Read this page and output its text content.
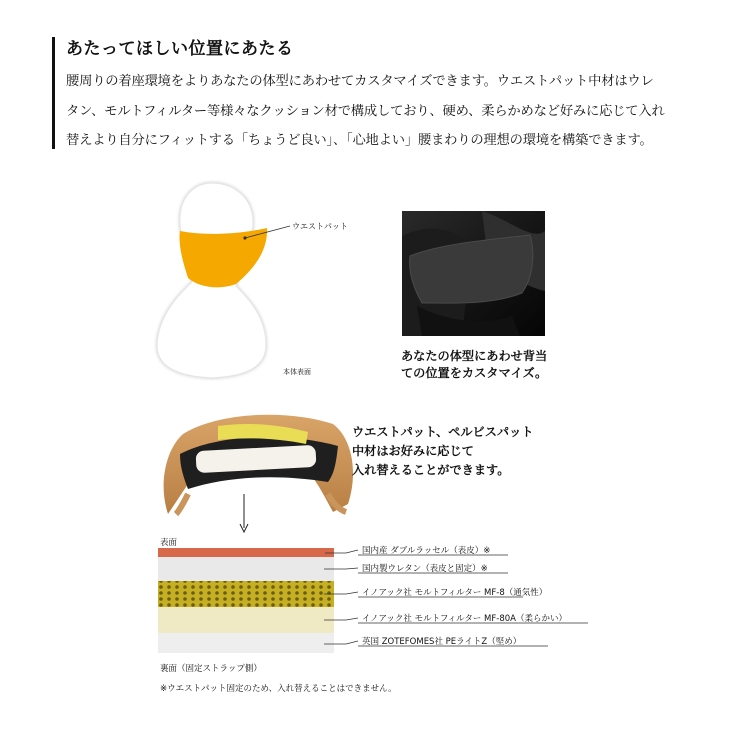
あたってほしい位置にあたる
腰周りの着座環境をよりあなたの体型にあわせてカスタマイズできます。ウエストパット中材はウレ
タン、モルトフィルター等様々なクッション材で構成しており、硬め、柔らかめなど好みに応じて入れ
替えより自分にフィットする「ちょうど良い」、「心地よい」腰まわりの理想の環境を構築できます。
ウエストパット
本体表面
あなたの体型にあわせ背当
ての位置をカスタマイズ。
ウエストパット、ペルビスパット
中材はお好みに応じて
入れ替えることができます。
表面
国内産 ダブルラッセル（表皮）※
国内製ウレタン（表皮と固定）※
イノアック社 モルトフィルター MF-8（通気性）
イノアック社 モルトフィルター MF-80A（柔らかい）
英国 ZOTEFOMES社 PEライトZ（堅め）
裏面（固定ストラップ側）
※ウエストパット固定のため、入れ替えることはできません。
